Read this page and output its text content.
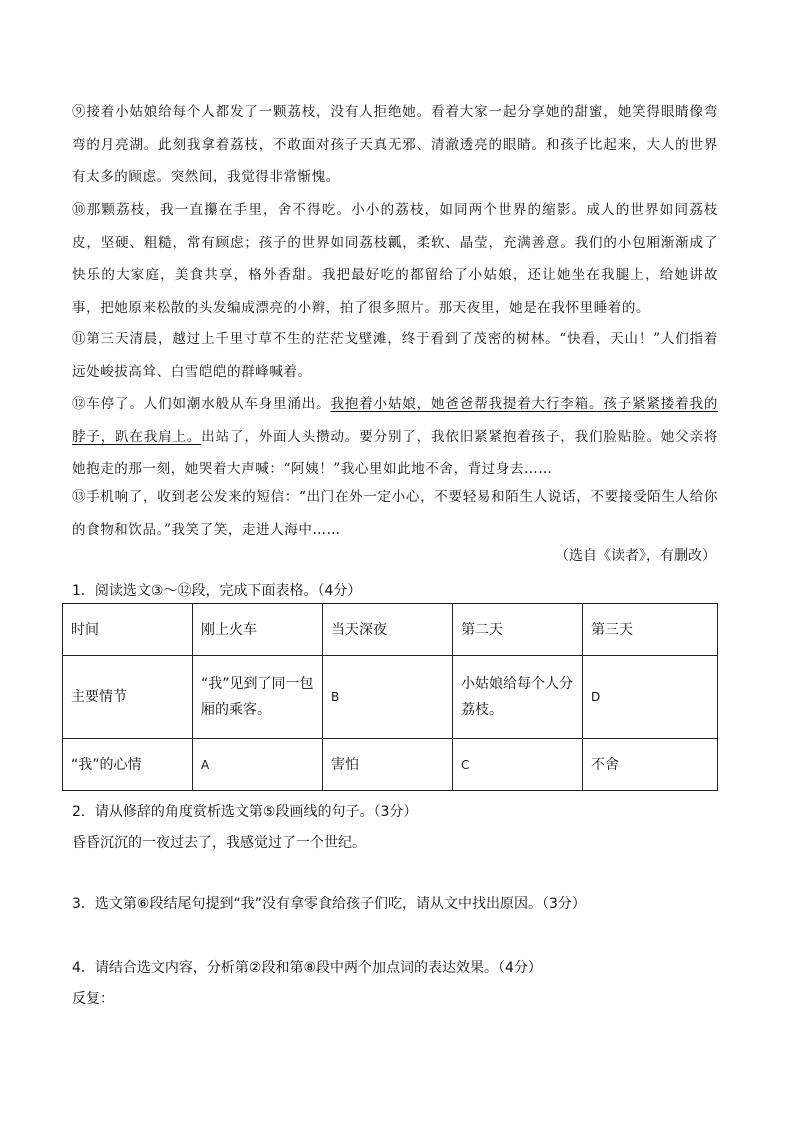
⑨接着小姑娘给每个人都发了一颗荔枝，没有人拒绝她。看着大家一起分享她的甜蜜，她笑得眼睛像弯弯的月亮湖。此刻我拿着荔枝，不敢面对孩子天真无邪、清澈透亮的眼睛。和孩子比起来，大人的世界有太多的顾虑。突然间，我觉得非常惭愧。

⑩那颗荔枝，我一直攥在手里，舍不得吃。小小的荔枝，如同两个世界的缩影。成人的世界如同荔枝皮，坚硬、粗糙，常有顾虑；孩子的世界如同荔枝瓤，柔软、晶莹，充满善意。我们的小包厢渐渐成了快乐的大家庭，美食共享，格外香甜。我把最好吃的都留给了小姑娘，还让她坐在我腿上，给她讲故事，把她原来松散的头发编成漂亮的小辫，拍了很多照片。那天夜里，她是在我怀里睡着的。

⑪第三天清晨，越过上千里寸草不生的茫茫戈壁滩，终于看到了茂密的树林。“快看，天山！”人们指着远处峻拔高耸、白雪皑皑的群峰喊着。

⑫车停了。人们如潮水般从车身里涌出。我抱着小姑娘，她爸爸帮我提着大行李箱。孩子紧紧搂着我的脖子，趴在我肩上。出站了，外面人头攒动。要分别了，我依旧紧紧抱着孩子，我们脸贴脸。她父亲将她抱走的那一刻，她哭着大声喊：“阿姨！”我心里如此地不舍，背过身去……

⑬手机响了，收到老公发来的短信：“出门在外一定小心，不要轻易和陌生人说话，不要接受陌生人给你的食物和饮品。”我笑了笑，走进人海中……

（选自《读者》，有删改）

1．阅读选文③～⑫段，完成下面表格。（4分）

时间	刚上火车	当天深夜	第二天	第三天
主要情节	“我”见到了同一包厢的乘客。	B	小姑娘给每个人分荔枝。	D
“我”的心情	A	害怕	C	不舍

2．请从修辞的角度赏析选文第⑤段画线的句子。（3分）

昏昏沉沉的一夜过去了，我感觉过了一个世纪。

3．选文第⑥段结尾句提到“我”没有拿零食给孩子们吃，请从文中找出原因。（3分）

4．请结合选文内容，分析第②段和第⑧段中两个加点词的表达效果。（4分）

反复：
